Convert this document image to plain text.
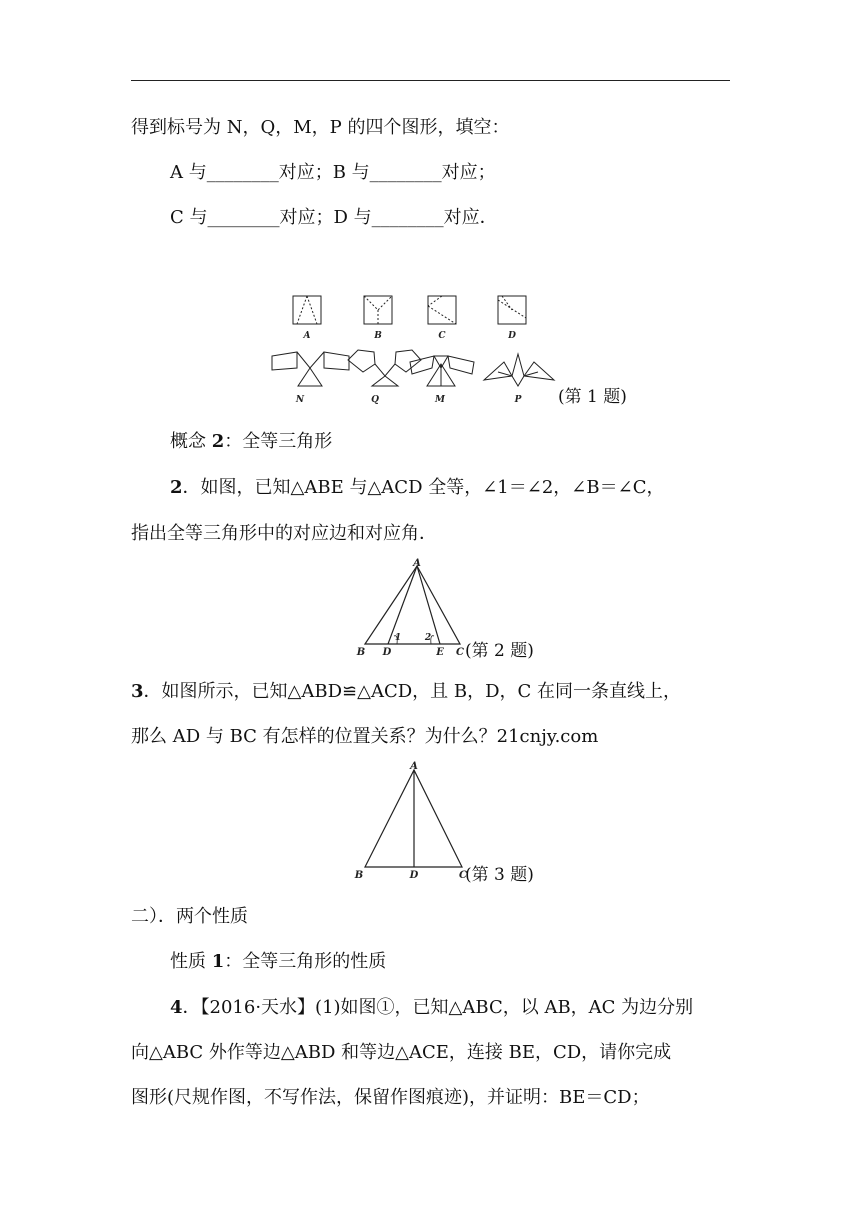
得到标号为 N，Q，M，P 的四个图形，填空：
A 与________对应；B 与________对应；
C 与________对应；D 与________对应．
A	B	C	D
N	Q	M	P (第 1 题)
概念 2：全等三角形
2．如图，已知△ABE 与△ACD 全等，∠1＝∠2，∠B＝∠C，
指出全等三角形中的对应边和对应角．
A
B D	E C
1	2
(第 2 题)
3．如图所示，已知△ABD≌△ACD，且 B，D，C 在同一条直线上，
那么 AD 与 BC 有怎样的位置关系？为什么？21cnjy.com
A
B	D	C
(第 3 题)
二）．两个性质
性质 1：全等三角形的性质
4．【2016·天水】(1)如图①，已知△ABC，以 AB，AC 为边分别
向△ABC 外作等边△ABD 和等边△ACE，连接 BE，CD，请你完成
图形(尺规作图，不写作法，保留作图痕迹)，并证明：BE＝CD；
